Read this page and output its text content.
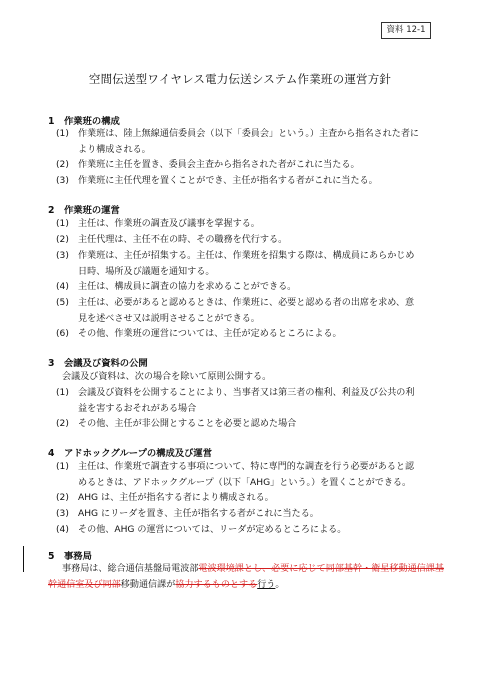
資料 12-1
空間伝送型ワイヤレス電力伝送システム作業班の運営方針
1 作業班の構成
(1) 作業班は、陸上無線通信委員会（以下「委員会」という。）主査から指名された者に
より構成される。
(2) 作業班に主任を置き、委員会主査から指名された者がこれに当たる。
(3) 作業班に主任代理を置くことができ、主任が指名する者がこれに当たる。
2 作業班の運営
(1) 主任は、作業班の調査及び議事を掌握する。
(2) 主任代理は、主任不在の時、その職務を代行する。
(3) 作業班は、主任が招集する。主任は、作業班を招集する際は、構成員にあらかじめ
日時、場所及び議題を通知する。
(4) 主任は、構成員に調査の協力を求めることができる。
(5) 主任は、必要があると認めるときは、作業班に、必要と認める者の出席を求め、意
見を述べさせ又は説明させることができる。
(6) その他、作業班の運営については、主任が定めるところによる。
3 会議及び資料の公開
会議及び資料は、次の場合を除いて原則公開する。
(1) 会議及び資料を公開することにより、当事者又は第三者の権利、利益及び公共の利
益を害するおそれがある場合
(2) その他、主任が非公開とすることを必要と認めた場合
4 アドホックグループの構成及び運営
(1) 主任は、作業班で調査する事項について、特に専門的な調査を行う必要があると認
めるときは、アドホックグループ（以下「AHG」という。）を置くことができる。
(2) AHG は、主任が指名する者により構成される。
(3) AHG にリーダを置き、主任が指名する者がこれに当たる。
(4) その他、AHG の運営については、リーダが定めるところによる。
5 事務局
事務局は、総合通信基盤局電波部電波環境課とし、必要に応じて同部基幹・衛星移動通信課基幹通信室及び同部移動通信課が協力するものとする行う。
